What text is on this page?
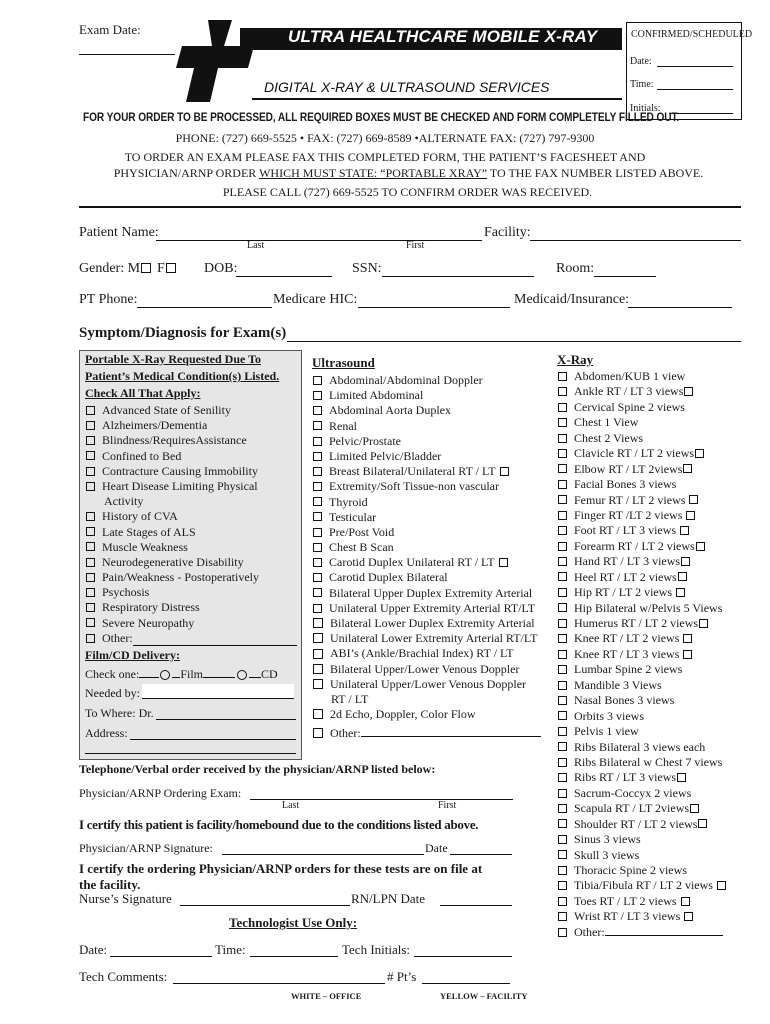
Exam Date:	ULTRA HEALTHCARE MOBILE X-RAY
DIGITAL X-RAY & ULTRASOUND SERVICES
CONFIRMED/SCHEDULED
Date:
Time:
Initials:
FOR YOUR ORDER TO BE PROCESSED, ALL REQUIRED BOXES MUST BE CHECKED AND FORM COMPLETELY FILLED OUT.
PHONE: (727) 669-5525 • FAX: (727) 669-8589 •ALTERNATE FAX: (727) 797-9300
TO ORDER AN EXAM PLEASE FAX THIS COMPLETED FORM, THE PATIENT’S FACESHEET AND
PHYSICIAN/ARNP ORDER WHICH MUST STATE: “PORTABLE XRAY” TO THE FAX NUMBER LISTED ABOVE.
PLEASE CALL (727) 669-5525 TO CONFIRM ORDER WAS RECEIVED.
Patient Name:
Last	First
Facility:
Gender: M F	DOB:	SSN:	Room:
PT Phone:	Medicare HIC:	Medicaid/Insurance:
Symptom/Diagnosis for Exam(s)
Portable X-Ray Requested Due To
Patient’s Medical Condition(s) Listed.
Check All That Apply:
Advanced State of Senility
Alzheimers/Dementia
Blindness/RequiresAssistance
Confined to Bed
Contracture Causing Immobility
Heart Disease Limiting Physical
Activity
History of CVA
Late Stages of ALS
Muscle Weakness
Neurodegenerative Disability
Pain/Weakness - Postoperatively
Psychosis
Respiratory Distress
Severe Neuropathy
Other:
Film/CD Delivery:
Check one:	Film	CD
Needed by:
To Where: Dr.
Address:
Ultrasound
Abdominal/Abdominal Doppler
Limited Abdominal
Abdominal Aorta Duplex
Renal
Pelvic/Prostate
Limited Pelvic/Bladder
Breast Bilateral/Unilateral RT / LT
Extremity/Soft Tissue-non vascular
Thyroid
Testicular
Pre/Post Void
Chest B Scan
Carotid Duplex Unilateral RT / LT
Carotid Duplex Bilateral
Bilateral Upper Duplex Extremity Arterial
Unilateral Upper Extremity Arterial RT/LT
Bilateral Lower Duplex Extremity Arterial
Unilateral Lower Extremity Arterial RT/LT
ABI’s (Ankle/Brachial Index) RT / LT
Bilateral Upper/Lower Venous Doppler
Unilateral Upper/Lower Venous Doppler
RT / LT
2d Echo, Doppler, Color Flow
Other:
X-Ray
Abdomen/KUB 1 view
Ankle RT / LT 3 views
Cervical Spine 2 views
Chest 1 View
Chest 2 Views
Clavicle RT / LT 2 views
Elbow RT / LT 2views
Facial Bones 3 views
Femur RT / LT 2 views
Finger RT /LT 2 views
Foot RT / LT 3 views
Forearm RT / LT 2 views
Hand RT / LT 3 views
Heel RT / LT 2 views
Hip RT / LT 2 views
Hip Bilateral w/Pelvis 5 Views
Humerus RT / LT 2 views
Knee RT / LT 2 views
Knee RT / LT 3 views
Lumbar Spine 2 views
Mandible 3 Views
Nasal Bones 3 views
Orbits 3 views
Pelvis 1 view
Ribs Bilateral 3 views each
Ribs Bilateral w Chest 7 views
Ribs RT / LT 3 views
Sacrum-Coccyx 2 views
Scapula RT / LT 2views
Shoulder RT / LT 2 views
Sinus 3 views
Skull 3 views
Thoracic Spine 2 views
Tibia/Fibula RT / LT 2 views
Toes RT / LT 2 views
Wrist RT / LT 3 views
Other:
Telephone/Verbal order received by the physician/ARNP listed below:
Physician/ARNP Ordering Exam:
Last	First
I certify this patient is facility/homebound due to the conditions listed above.
Physician/ARNP Signature:	Date
I certify the ordering Physician/ARNP orders for these tests are on file at
the facility.
Nurse’s Signature	RN/LPN Date
Technologist Use Only:
Date:	Time:	Tech Initials:
Tech Comments:	# Pt’s
WHITE – OFFICE	YELLOW – FACILITY
